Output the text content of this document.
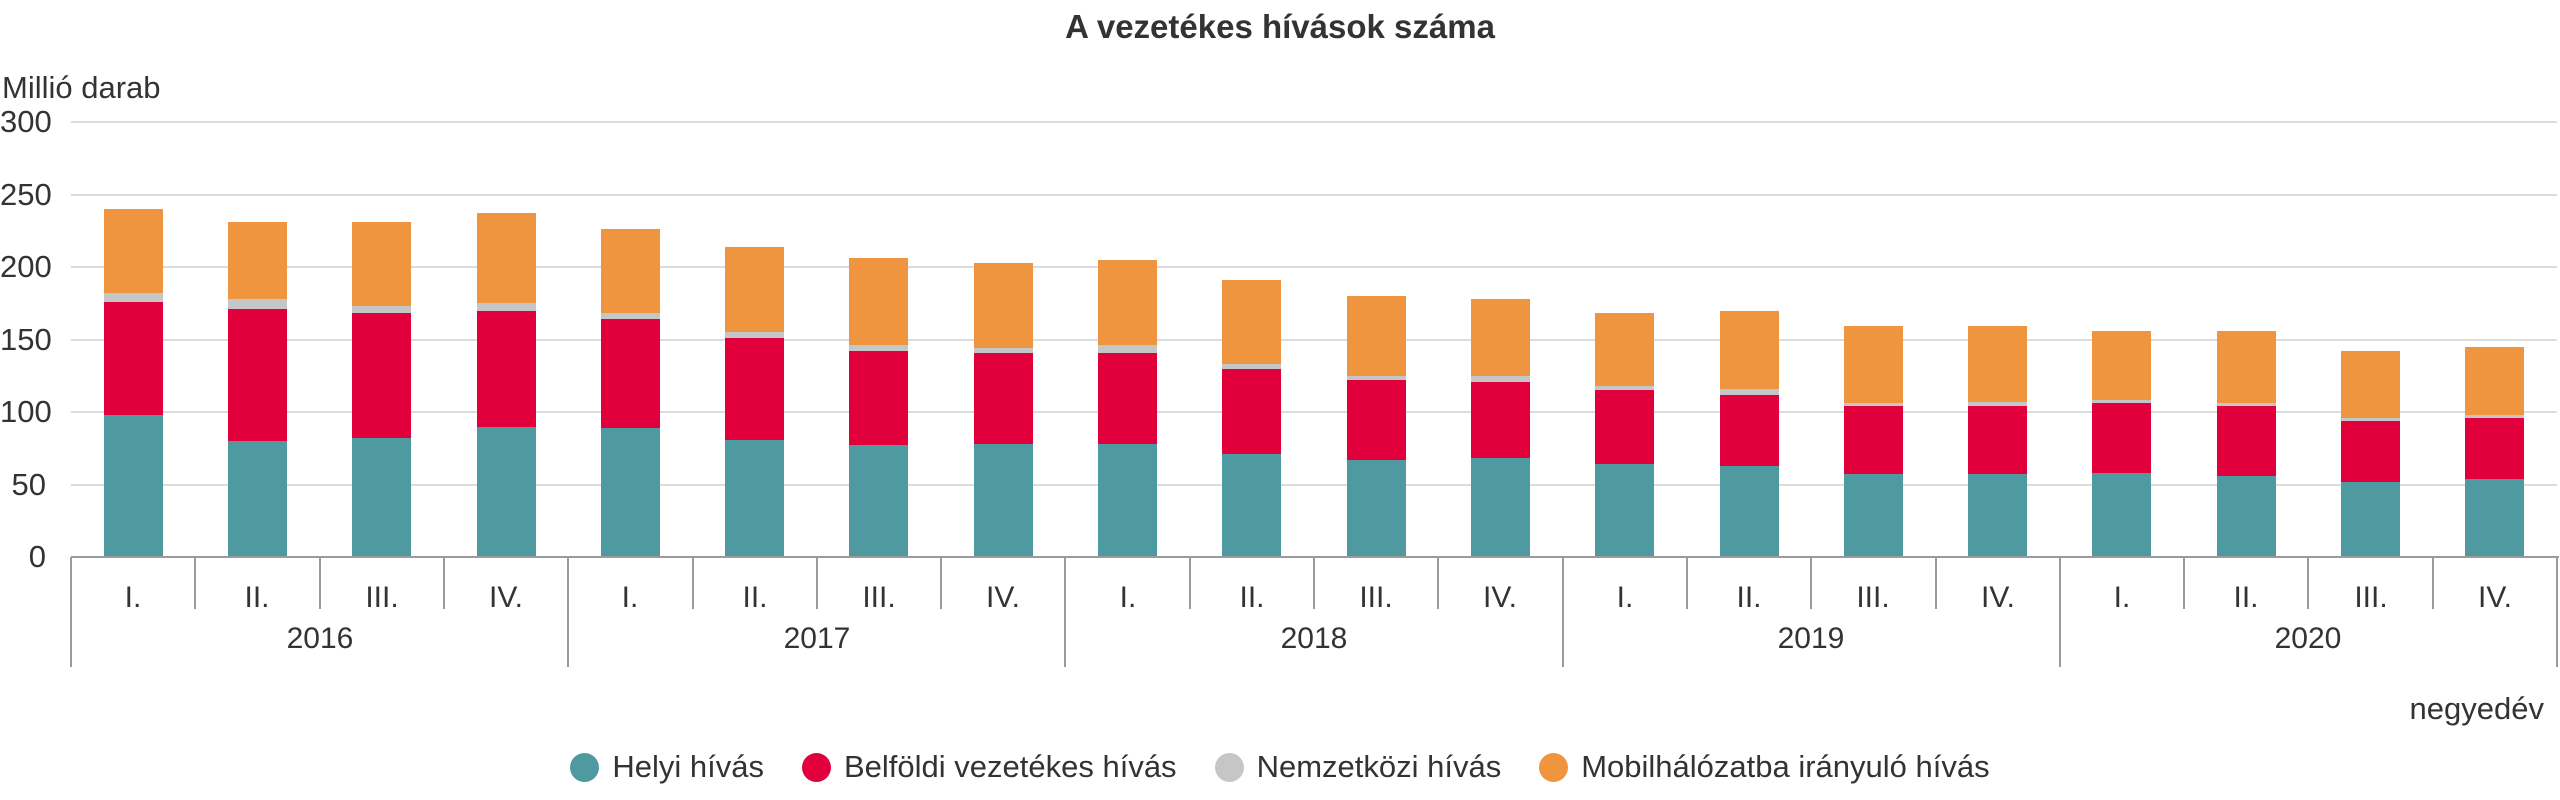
A vezetékes hívások száma
Millió darab
0
50
100
150
200
250
300
I.	II.	III.	IV.	I.	II.	III.	IV.	I.	II.	III.	IV.	I.	II.	III.	IV.	I.	II.	III.	IV.
2016	2017	2018	2019	2020
negyedév
Helyi hívás	Belföldi vezetékes hívás	Nemzetközi hívás	Mobilhálózatba irányuló hívás
